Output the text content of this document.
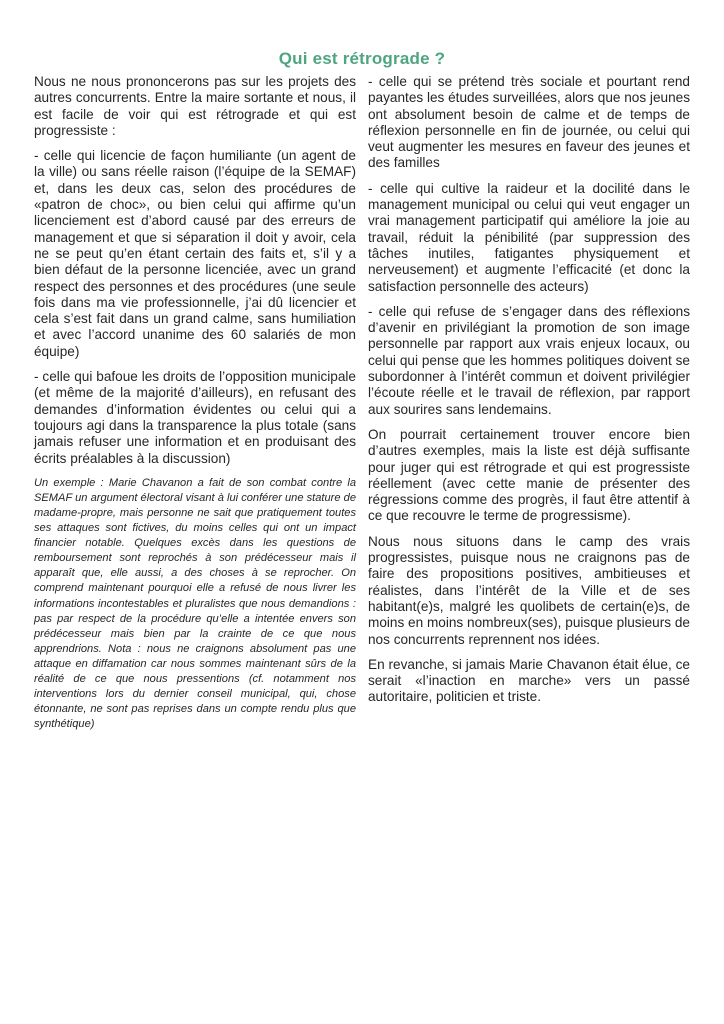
Qui est rétrograde ?

Nous ne nous prononcerons pas sur les projets des autres concurrents. Entre la maire sortante et nous, il est facile de voir qui est rétrograde et qui est progressiste :

- celle qui licencie de façon humiliante (un agent de la ville) ou sans réelle raison (l’équipe de la SEMAF) et, dans les deux cas, selon des procédures de «patron de choc», ou bien celui qui affirme qu’un licenciement est d’abord causé par des erreurs de management et que si séparation il doit y avoir, cela ne se peut qu’en étant certain des faits et, s’il y a bien défaut de la personne licenciée, avec un grand respect des personnes et des procédures (une seule fois dans ma vie professionnelle, j’ai dû licencier et cela s’est fait dans un grand calme, sans humiliation et avec l’accord unanime des 60 salariés de mon équipe)

- celle qui bafoue les droits de l’opposition municipale (et même de la majorité d’ailleurs), en refusant des demandes d’information évidentes ou celui qui a toujours agi dans la transparence la plus totale (sans jamais refuser une information et en produisant des écrits préalables à la discussion)

Un exemple : Marie Chavanon a fait de son combat contre la SEMAF un argument électoral visant à lui conférer une stature de madame-propre, mais personne ne sait que pratiquement toutes ses attaques sont fictives, du moins celles qui ont un impact financier notable. Quelques excès dans les questions de remboursement sont reprochés à son prédécesseur mais il apparaît que, elle aussi, a des choses à se reprocher. On comprend maintenant pourquoi elle a refusé de nous livrer les informations incontestables et pluralistes que nous demandions : pas par respect de la procédure qu’elle a intentée envers son prédécesseur mais bien par la crainte de ce que nous apprendrions. Nota : nous ne craignons absolument pas une attaque en diffamation car nous sommes maintenant sûrs de la réalité de ce que nous pressentions (cf. notamment nos interventions lors du dernier conseil municipal, qui, chose étonnante, ne sont pas reprises dans un compte rendu plus que synthétique)

- celle qui se prétend très sociale et pourtant rend payantes les études surveillées, alors que nos jeunes ont absolument besoin de calme et de temps de réflexion personnelle en fin de journée, ou celui qui veut augmenter les mesures en faveur des jeunes et des familles

- celle qui cultive la raideur et la docilité dans le management municipal ou celui qui veut engager un vrai management participatif qui améliore la joie au travail, réduit la pénibilité (par suppression des tâches inutiles, fatigantes physiquement et nerveusement) et augmente l’efficacité (et donc la satisfaction personnelle des acteurs)

- celle qui refuse de s’engager dans des réflexions d’avenir en privilégiant la promotion de son image personnelle par rapport aux vrais enjeux locaux, ou celui qui pense que les hommes politiques doivent se subordonner à l’intérêt commun et doivent privilégier l’écoute réelle et le travail de réflexion, par rapport aux sourires sans lendemains.

On pourrait certainement trouver encore bien d’autres exemples, mais la liste est déjà suffisante pour juger qui est rétrograde et qui est progressiste réellement (avec cette manie de présenter des régressions comme des progrès, il faut être attentif à ce que recouvre le terme de progressisme).

Nous nous situons dans le camp des vrais progressistes, puisque nous ne craignons pas de faire des propositions positives, ambitieuses et réalistes, dans l’intérêt de la Ville et de ses habitant(e)s, malgré les quolibets de certain(e)s, de moins en moins nombreux(ses), puisque plusieurs de nos concurrents reprennent nos idées.

En revanche, si jamais Marie Chavanon était élue, ce serait «l’inaction en marche» vers un passé autoritaire, politicien et triste.
